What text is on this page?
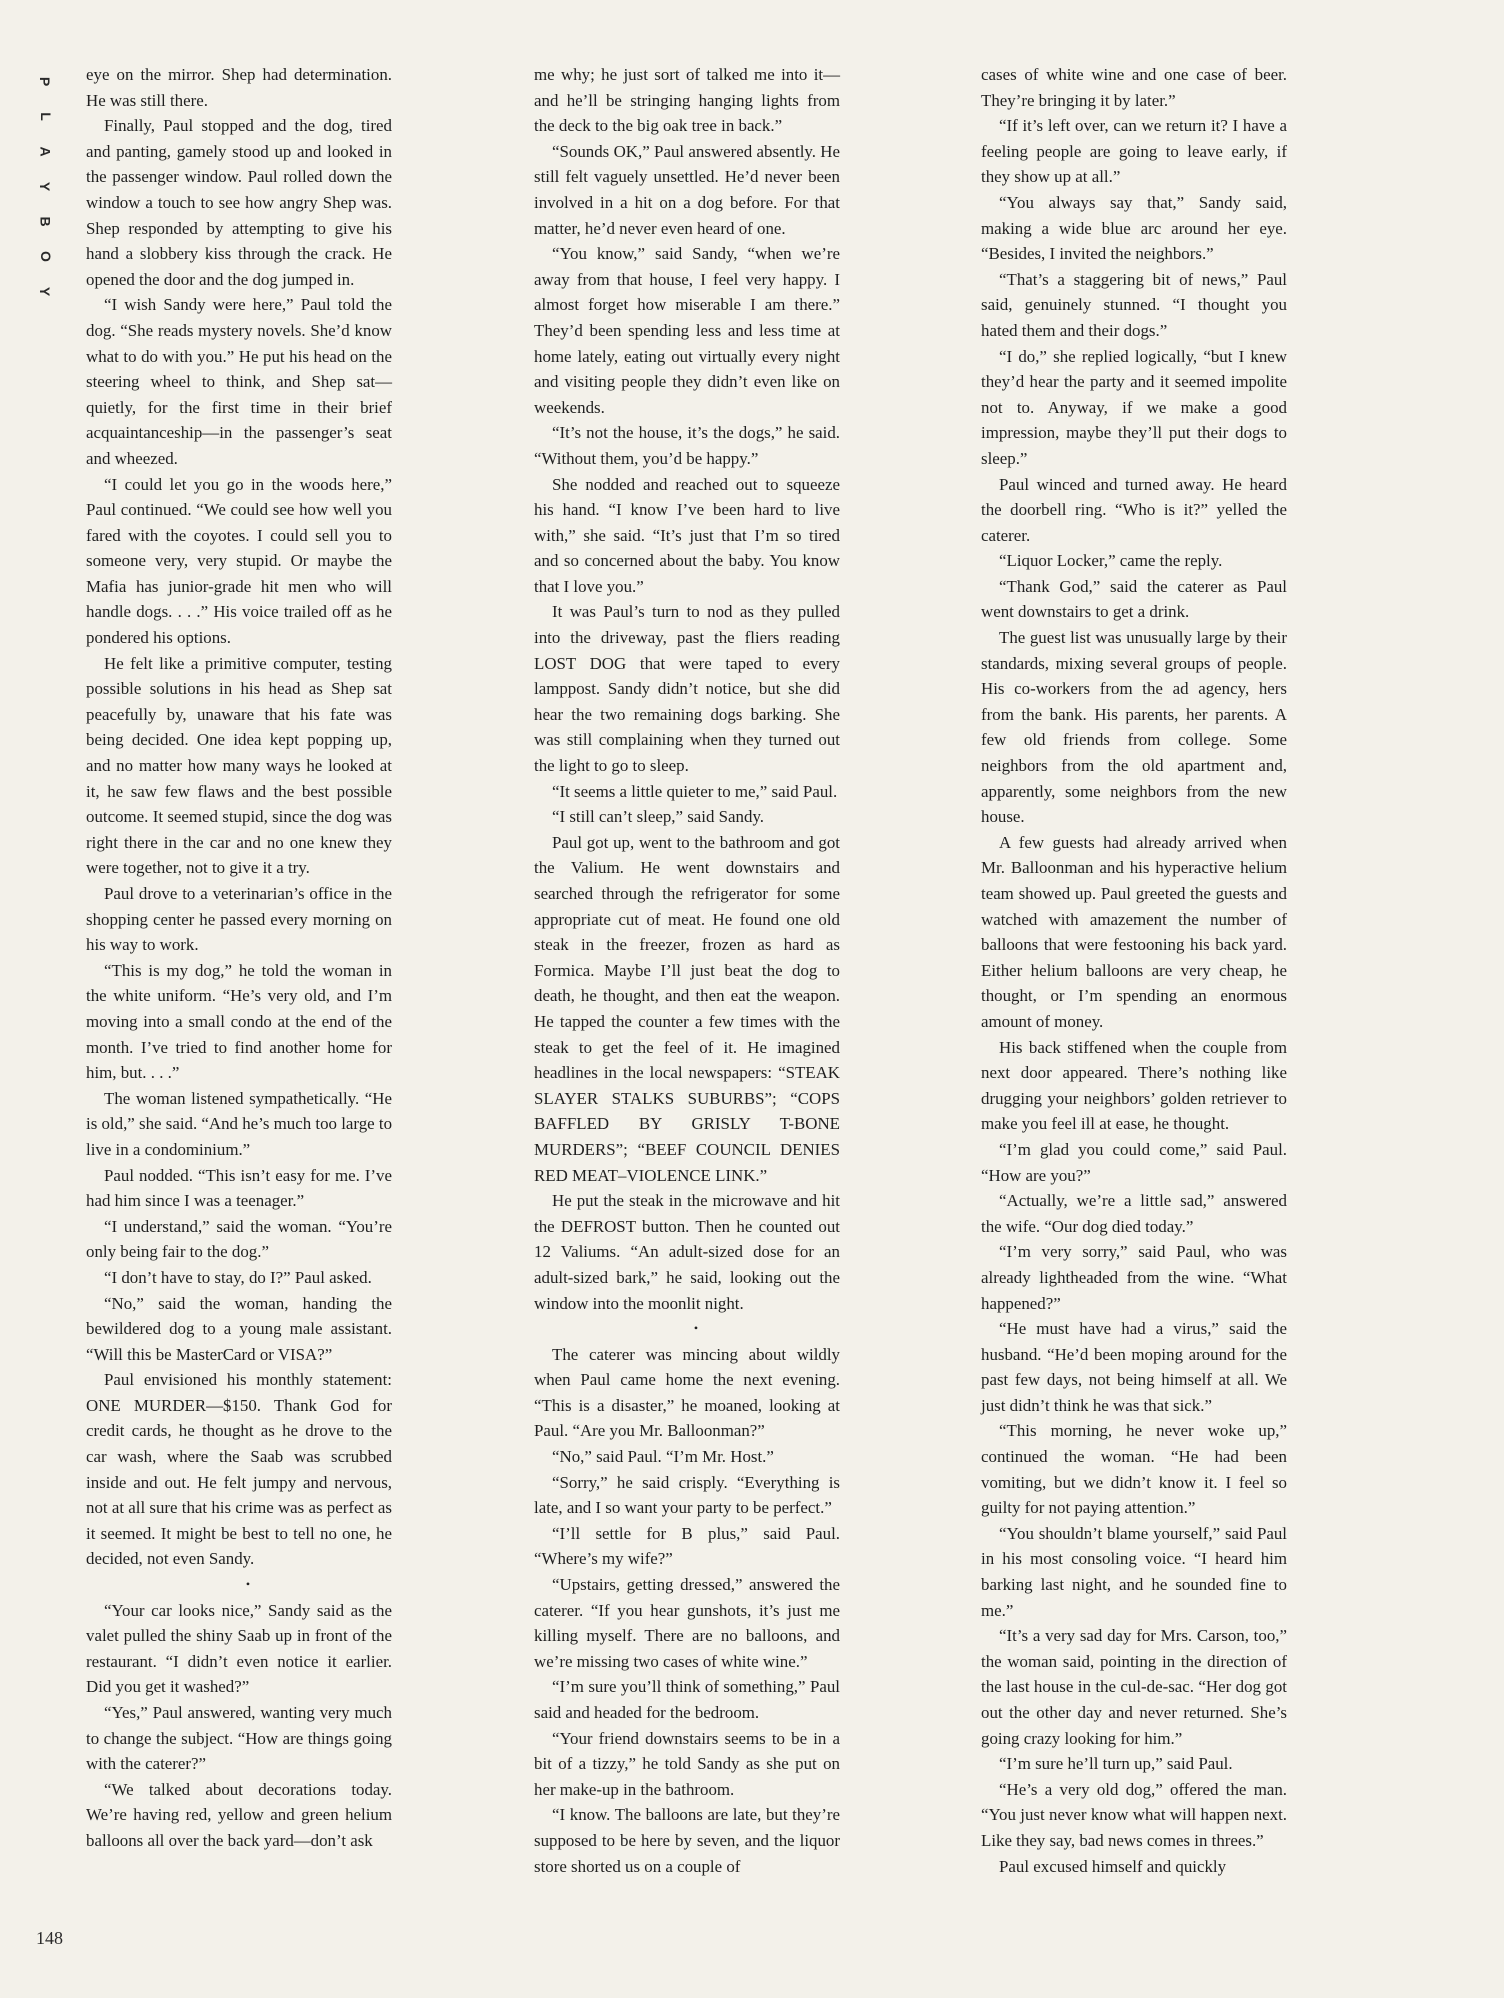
P
L
A
Y
B
O
Y

eye on the mirror. Shep had determination. He was still there.

Finally, Paul stopped and the dog, tired and panting, gamely stood up and looked in the passenger window. Paul rolled down the window a touch to see how angry Shep was. Shep responded by attempting to give his hand a slobbery kiss through the crack. He opened the door and the dog jumped in.

“I wish Sandy were here,” Paul told the dog. “She reads mystery novels. She’d know what to do with you.” He put his head on the steering wheel to think, and Shep sat—quietly, for the first time in their brief acquaintanceship—in the passenger’s seat and wheezed.

“I could let you go in the woods here,” Paul continued. “We could see how well you fared with the coyotes. I could sell you to someone very, very stupid. Or maybe the Mafia has junior-grade hit men who will handle dogs. . . .” His voice trailed off as he pondered his options.

He felt like a primitive computer, testing possible solutions in his head as Shep sat peacefully by, unaware that his fate was being decided. One idea kept popping up, and no matter how many ways he looked at it, he saw few flaws and the best possible outcome. It seemed stupid, since the dog was right there in the car and no one knew they were together, not to give it a try.

Paul drove to a veterinarian’s office in the shopping center he passed every morning on his way to work.

“This is my dog,” he told the woman in the white uniform. “He’s very old, and I’m moving into a small condo at the end of the month. I’ve tried to find another home for him, but. . . .”

The woman listened sympathetically. “He is old,” she said. “And he’s much too large to live in a condominium.”

Paul nodded. “This isn’t easy for me. I’ve had him since I was a teenager.”

“I understand,” said the woman. “You’re only being fair to the dog.”

“I don’t have to stay, do I?” Paul asked.

“No,” said the woman, handing the bewildered dog to a young male assistant. “Will this be MasterCard or VISA?”

Paul envisioned his monthly statement: ONE MURDER—$150. Thank God for credit cards, he thought as he drove to the car wash, where the Saab was scrubbed inside and out. He felt jumpy and nervous, not at all sure that his crime was as perfect as it seemed. It might be best to tell no one, he decided, not even Sandy.

•

“Your car looks nice,” Sandy said as the valet pulled the shiny Saab up in front of the restaurant. “I didn’t even notice it earlier. Did you get it washed?”

“Yes,” Paul answered, wanting very much to change the subject. “How are things going with the caterer?”

“We talked about decorations today. We’re having red, yellow and green helium balloons all over the back yard—don’t ask

me why; he just sort of talked me into it—and he’ll be stringing hanging lights from the deck to the big oak tree in back.”

“Sounds OK,” Paul answered absently. He still felt vaguely unsettled. He’d never been involved in a hit on a dog before. For that matter, he’d never even heard of one.

“You know,” said Sandy, “when we’re away from that house, I feel very happy. I almost forget how miserable I am there.” They’d been spending less and less time at home lately, eating out virtually every night and visiting people they didn’t even like on weekends.

“It’s not the house, it’s the dogs,” he said. “Without them, you’d be happy.”

She nodded and reached out to squeeze his hand. “I know I’ve been hard to live with,” she said. “It’s just that I’m so tired and so concerned about the baby. You know that I love you.”

It was Paul’s turn to nod as they pulled into the driveway, past the fliers reading LOST DOG that were taped to every lamppost. Sandy didn’t notice, but she did hear the two remaining dogs barking. She was still complaining when they turned out the light to go to sleep.

“It seems a little quieter to me,” said Paul.

“I still can’t sleep,” said Sandy.

Paul got up, went to the bathroom and got the Valium. He went downstairs and searched through the refrigerator for some appropriate cut of meat. He found one old steak in the freezer, frozen as hard as Formica. Maybe I’ll just beat the dog to death, he thought, and then eat the weapon. He tapped the counter a few times with the steak to get the feel of it. He imagined headlines in the local newspapers: “STEAK SLAYER STALKS SUBURBS”; “COPS BAFFLED BY GRISLY T-BONE MURDERS”; “BEEF COUNCIL DENIES RED MEAT–VIOLENCE LINK.”

He put the steak in the microwave and hit the DEFROST button. Then he counted out 12 Valiums. “An adult-sized dose for an adult-sized bark,” he said, looking out the window into the moonlit night.

•

The caterer was mincing about wildly when Paul came home the next evening. “This is a disaster,” he moaned, looking at Paul. “Are you Mr. Balloonman?”

“No,” said Paul. “I’m Mr. Host.”

“Sorry,” he said crisply. “Everything is late, and I so want your party to be perfect.”

“I’ll settle for B plus,” said Paul. “Where’s my wife?”

“Upstairs, getting dressed,” answered the caterer. “If you hear gunshots, it’s just me killing myself. There are no balloons, and we’re missing two cases of white wine.”

“I’m sure you’ll think of something,” Paul said and headed for the bedroom.

“Your friend downstairs seems to be in a bit of a tizzy,” he told Sandy as she put on her make-up in the bathroom.

“I know. The balloons are late, but they’re supposed to be here by seven, and the liquor store shorted us on a couple of

cases of white wine and one case of beer. They’re bringing it by later.”

“If it’s left over, can we return it? I have a feeling people are going to leave early, if they show up at all.”

“You always say that,” Sandy said, making a wide blue arc around her eye. “Besides, I invited the neighbors.”

“That’s a staggering bit of news,” Paul said, genuinely stunned. “I thought you hated them and their dogs.”

“I do,” she replied logically, “but I knew they’d hear the party and it seemed impolite not to. Anyway, if we make a good impression, maybe they’ll put their dogs to sleep.”

Paul winced and turned away. He heard the doorbell ring. “Who is it?” yelled the caterer.

“Liquor Locker,” came the reply.

“Thank God,” said the caterer as Paul went downstairs to get a drink.

The guest list was unusually large by their standards, mixing several groups of people. His co-workers from the ad agency, hers from the bank. His parents, her parents. A few old friends from college. Some neighbors from the old apartment and, apparently, some neighbors from the new house.

A few guests had already arrived when Mr. Balloonman and his hyperactive helium team showed up. Paul greeted the guests and watched with amazement the number of balloons that were festooning his back yard. Either helium balloons are very cheap, he thought, or I’m spending an enormous amount of money.

His back stiffened when the couple from next door appeared. There’s nothing like drugging your neighbors’ golden retriever to make you feel ill at ease, he thought.

“I’m glad you could come,” said Paul. “How are you?”

“Actually, we’re a little sad,” answered the wife. “Our dog died today.”

“I’m very sorry,” said Paul, who was already lightheaded from the wine. “What happened?”

“He must have had a virus,” said the husband. “He’d been moping around for the past few days, not being himself at all. We just didn’t think he was that sick.”

“This morning, he never woke up,” continued the woman. “He had been vomiting, but we didn’t know it. I feel so guilty for not paying attention.”

“You shouldn’t blame yourself,” said Paul in his most consoling voice. “I heard him barking last night, and he sounded fine to me.”

“It’s a very sad day for Mrs. Carson, too,” the woman said, pointing in the direction of the last house in the cul-de-sac. “Her dog got out the other day and never returned. She’s going crazy looking for him.”

“I’m sure he’ll turn up,” said Paul.

“He’s a very old dog,” offered the man. “You just never know what will happen next. Like they say, bad news comes in threes.”

Paul excused himself and quickly

148
